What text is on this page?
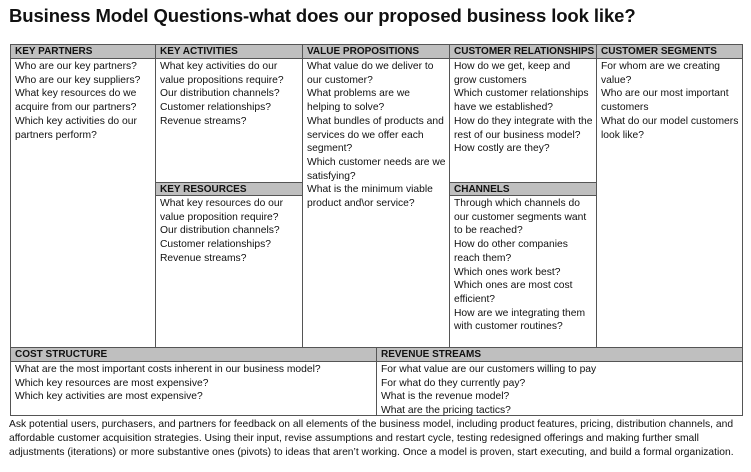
Business Model Questions-what does our proposed business look like?
KEY PARTNERS
Who are our key partners?
Who are our key suppliers?
What key resources do we acquire from our partners?
Which key activities do our partners perform?
KEY ACTIVITIES
What key activities do our value propositions require?
Our distribution channels?
Customer relationships?
Revenue streams?
KEY RESOURCES
What key resources do our value proposition require?
Our distribution channels?
Customer relationships?
Revenue streams?
VALUE PROPOSITIONS
What value do we deliver to our customer?
What problems are we helping to solve?
What bundles of products and services do we offer each segment?
Which customer needs are we satisfying?
What is the minimum viable product and\or service?
CUSTOMER RELATIONSHIPS
How do we get, keep and grow customers
Which customer relationships have we established?
How do they integrate with the rest of our business model?
How costly are they?
CHANNELS
Through which channels do our customer segments want to be reached?
How do other companies reach them?
Which ones work best?
Which ones are most cost efficient?
How are we integrating them with customer routines?
CUSTOMER SEGMENTS
For whom are we creating value?
Who are our most important customers
What do our model customers look like?
COST STRUCTURE
What are the most important costs inherent in our business model?
Which key resources are most expensive?
Which key activities are most expensive?
REVENUE STREAMS
For what value are our customers willing to pay
For what do they currently pay?
What is the revenue model?
What are the pricing tactics?
Ask potential users, purchasers, and partners for feedback on all elements of the business model, including product features, pricing, distribution channels, and affordable customer acquisition strategies. Using their input, revise assumptions and restart cycle, testing redesigned offerings and making further small adjustments (iterations) or more substantive ones (pivots) to ideas that aren’t working. Once a model is proven, start executing, and build a formal organization.
